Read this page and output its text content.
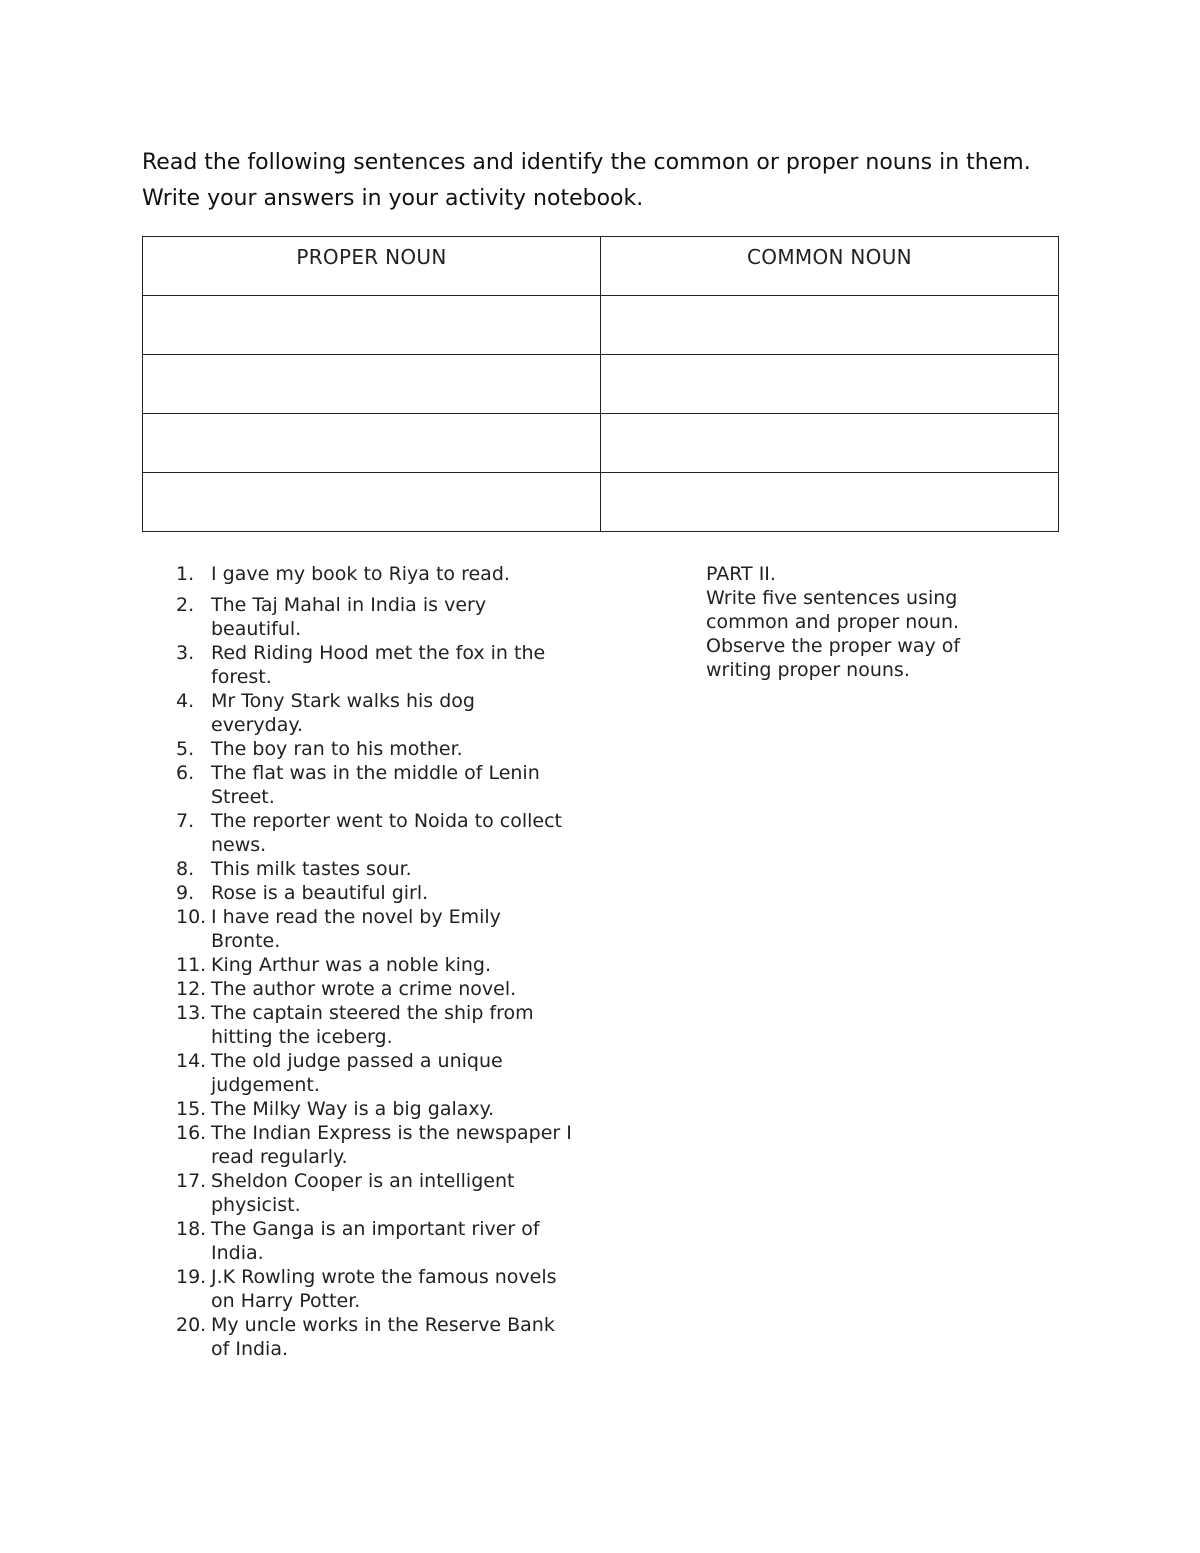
Read the following sentences and identify the common or proper nouns in them. Write your answers in your activity notebook.
PROPER NOUN	COMMON NOUN

1. I gave my book to Riya to read.
2. The Taj Mahal in India is very beautiful.
3. Red Riding Hood met the fox in the forest.
4. Mr Tony Stark walks his dog everyday.
5. The boy ran to his mother.
6. The flat was in the middle of Lenin Street.
7. The reporter went to Noida to collect news.
8. This milk tastes sour.
9. Rose is a beautiful girl.
10. I have read the novel by Emily Bronte.
11. King Arthur was a noble king.
12. The author wrote a crime novel.
13. The captain steered the ship from hitting the iceberg.
14. The old judge passed a unique judgement.
15. The Milky Way is a big galaxy.
16. The Indian Express is the newspaper I read regularly.
17. Sheldon Cooper is an intelligent physicist.
18. The Ganga is an important river of India.
19. J.K Rowling wrote the famous novels on Harry Potter.
20. My uncle works in the Reserve Bank of India.

PART II.

Write five sentences using common and proper noun. Observe the proper way of writing proper nouns.
